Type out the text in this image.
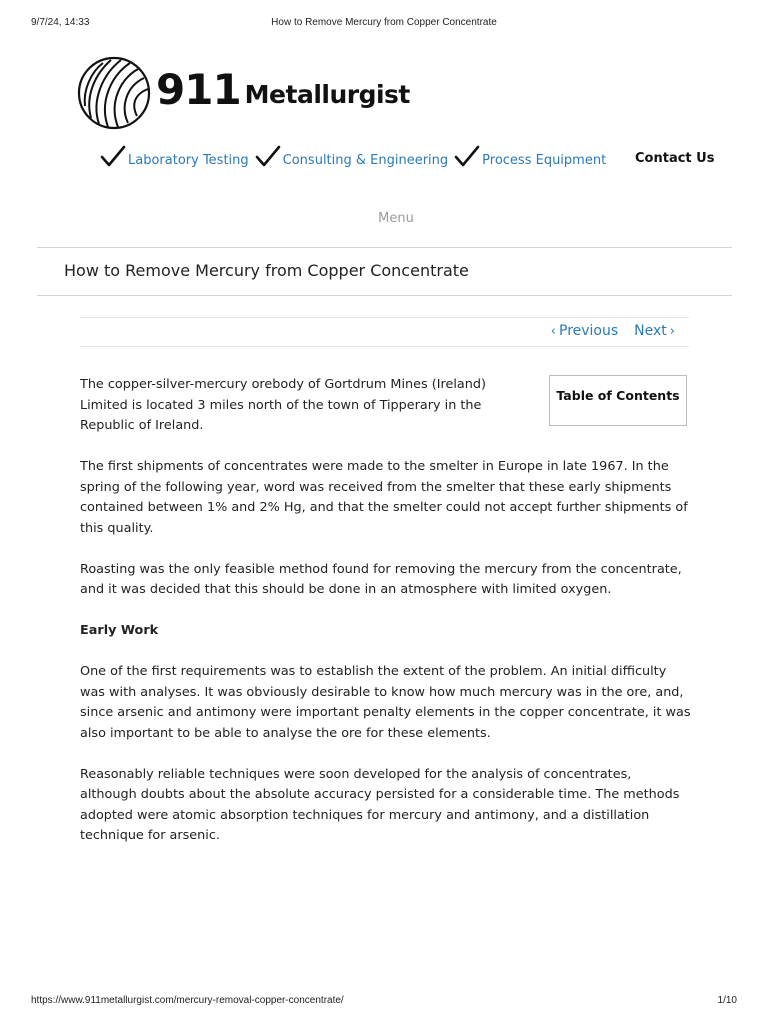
9/7/24, 14:33	How to Remove Mercury from Copper Concentrate
911 Metallurgist
Laboratory Testing	Consulting & Engineering	Process Equipment Contact Us
Menu
How to Remove Mercury from Copper Concentrate
‹ Previous Next ›
Table of Contents

The copper-silver-mercury orebody of Gortdrum Mines (Ireland) Limited is located 3 miles north of the town of Tipperary in the Republic of Ireland.

The first shipments of concentrates were made to the smelter in Europe in late 1967. In the spring of the following year, word was received from the smelter that these early shipments contained between 1% and 2% Hg, and that the smelter could not accept further shipments of this quality.

Roasting was the only feasible method found for removing the mercury from the concentrate, and it was decided that this should be done in an atmosphere with limited oxygen.

Early Work

One of the first requirements was to establish the extent of the problem. An initial difficulty was with analyses. It was obviously desirable to know how much mercury was in the ore, and, since arsenic and antimony were important penalty elements in the copper concentrate, it was also important to be able to analyse the ore for these elements.

Reasonably reliable techniques were soon developed for the analysis of concentrates, although doubts about the absolute accuracy persisted for a considerable time. The methods adopted were atomic absorption techniques for mercury and antimony, and a distillation technique for arsenic.

https://www.911metallurgist.com/mercury-removal-copper-concentrate/	1/10
